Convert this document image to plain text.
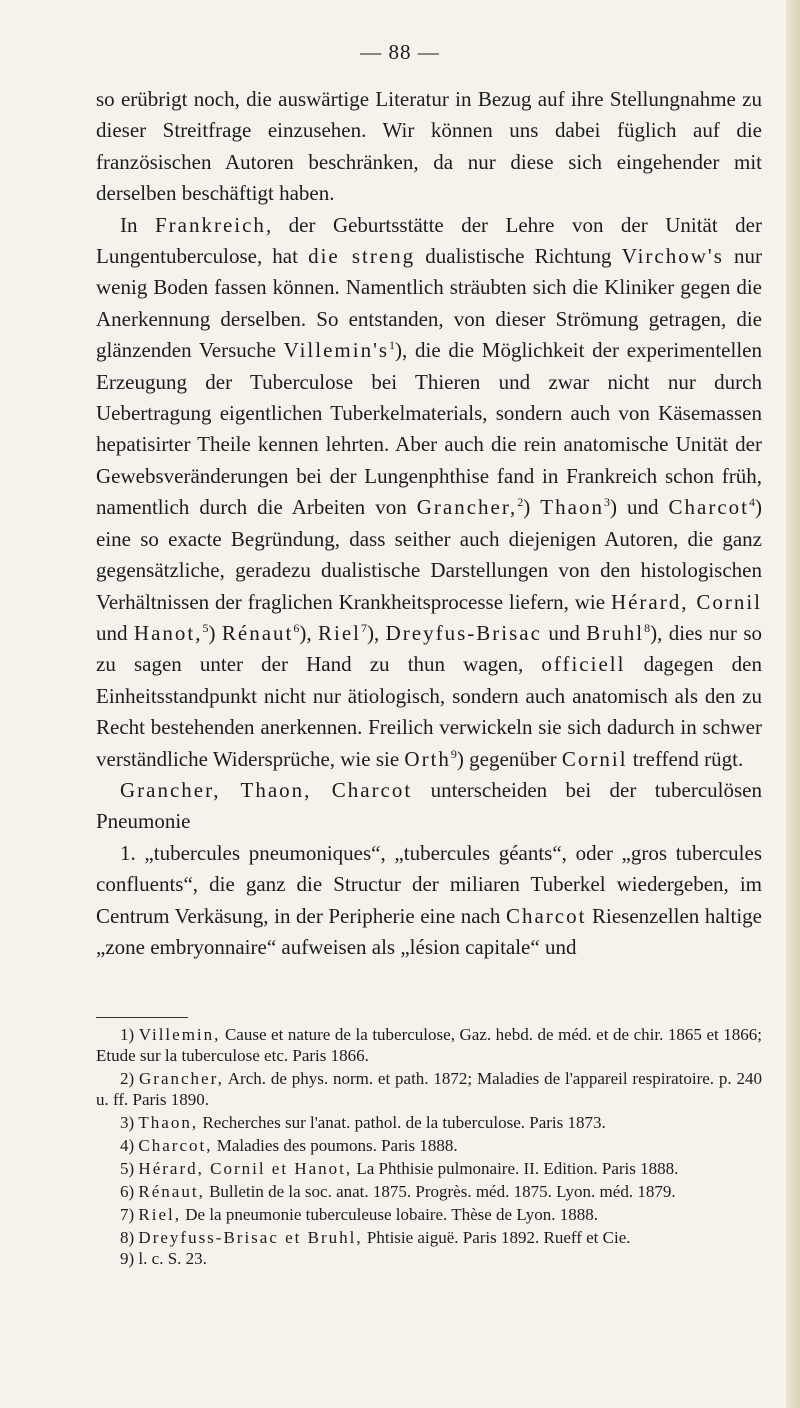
— 88 —

so erübrigt noch, die auswärtige Literatur in Bezug auf ihre Stellungnahme zu dieser Streitfrage einzusehen. Wir können uns dabei füglich auf die französischen Autoren beschränken, da nur diese sich eingehender mit derselben beschäftigt haben.

In Frankreich, der Geburtsstätte der Lehre von der Unität der Lungentuberculose, hat die streng dualistische Richtung Virchow's nur wenig Boden fassen können. Namentlich sträubten sich die Kliniker gegen die Anerkennung derselben. So entstanden, von dieser Strömung getragen, die glänzenden Versuche $Villemin's^1$), die die Möglichkeit der experimentellen Erzeugung der Tuberculose bei Thieren und zwar nicht nur durch Uebertragung eigentlichen Tuberkelmaterials, sondern auch von Käsemassen hepatisirter Theile kennen lehrten. Aber auch die rein anatomische Unität der Gewebsveränderungen bei der Lungenphthise fand in Frankreich schon früh, namentlich durch die Arbeiten von Grancher,$^2$) Thaon$^3$) und Charcot$^4$) eine so exacte Begründung, dass seither auch diejenigen Autoren, die ganz gegensätzliche, geradezu dualistische Darstellungen von den histologischen Verhältnissen der fraglichen Krankheitsprocesse liefern, wie Hérard, Cornil und Hanot,$^5$) Rénaut$^6$), Riel$^7$), Dreyfus-Brisac und Bruhl$^8$), dies nur so zu sagen unter der Hand zu thun wagen, officiell dagegen den Einheitsstandpunkt nicht nur ätiologisch, sondern auch anatomisch als den zu Recht bestehenden anerkennen. Freilich verwickeln sie sich dadurch in schwer verständliche Widersprüche, wie sie Orth$^9$) gegenüber Cornil treffend rügt.

Grancher, Thaon, Charcot unterscheiden bei der tuberculösen Pneumonie

1. „tubercules pneumoniques“, „tubercules géants“, oder „gros tubercules confluents“, die ganz die Structur der miliaren Tuberkel wiedergeben, im Centrum Verkäsung, in der Peripherie eine nach Charcot Riesenzellen haltige „zone embryonnaire“ aufweisen als „lésion capitale“ und

1) Villemin, Cause et nature de la tuberculose, Gaz. hebd. de méd. et de chir. 1865 et 1866; Etude sur la tuberculose etc. Paris 1866.

2) Grancher, Arch. de phys. norm. et path. 1872; Maladies de l'appareil respiratoire. p. 240 u. ff. Paris 1890.

3) Thaon, Recherches sur l'anat. pathol. de la tuberculose. Paris 1873.

4) Charcot, Maladies des poumons. Paris 1888.

5) Hérard, Cornil et Hanot, La Phthisie pulmonaire. II. Edition. Paris 1888.

6) Rénaut, Bulletin de la soc. anat. 1875. Progrès. méd. 1875. Lyon. méd. 1879.

7) Riel, De la pneumonie tuberculeuse lobaire. Thèse de Lyon. 1888.

8) Dreyfuss-Brisac et Bruhl, Phtisie aiguë. Paris 1892. Rueff et Cie.

9) l. c. S. 23.
